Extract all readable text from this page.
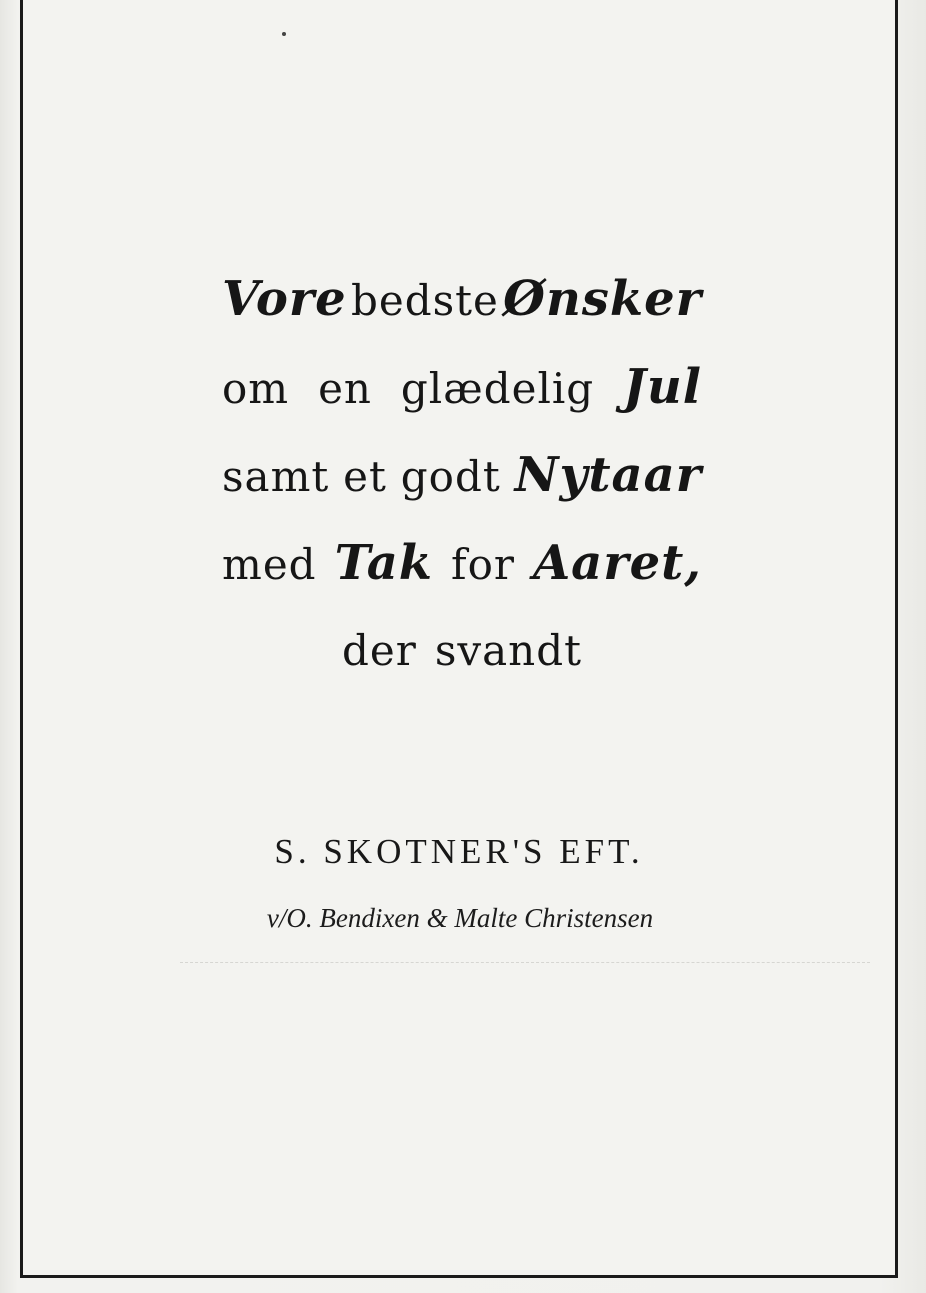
Vore bedste Ønsker
om en glædelig Jul
samt et godt Nytaar
med Tak for Aaret,
der svandt
S. SKOTNER'S EFT.
v/O. Bendixen & Malte Christensen
